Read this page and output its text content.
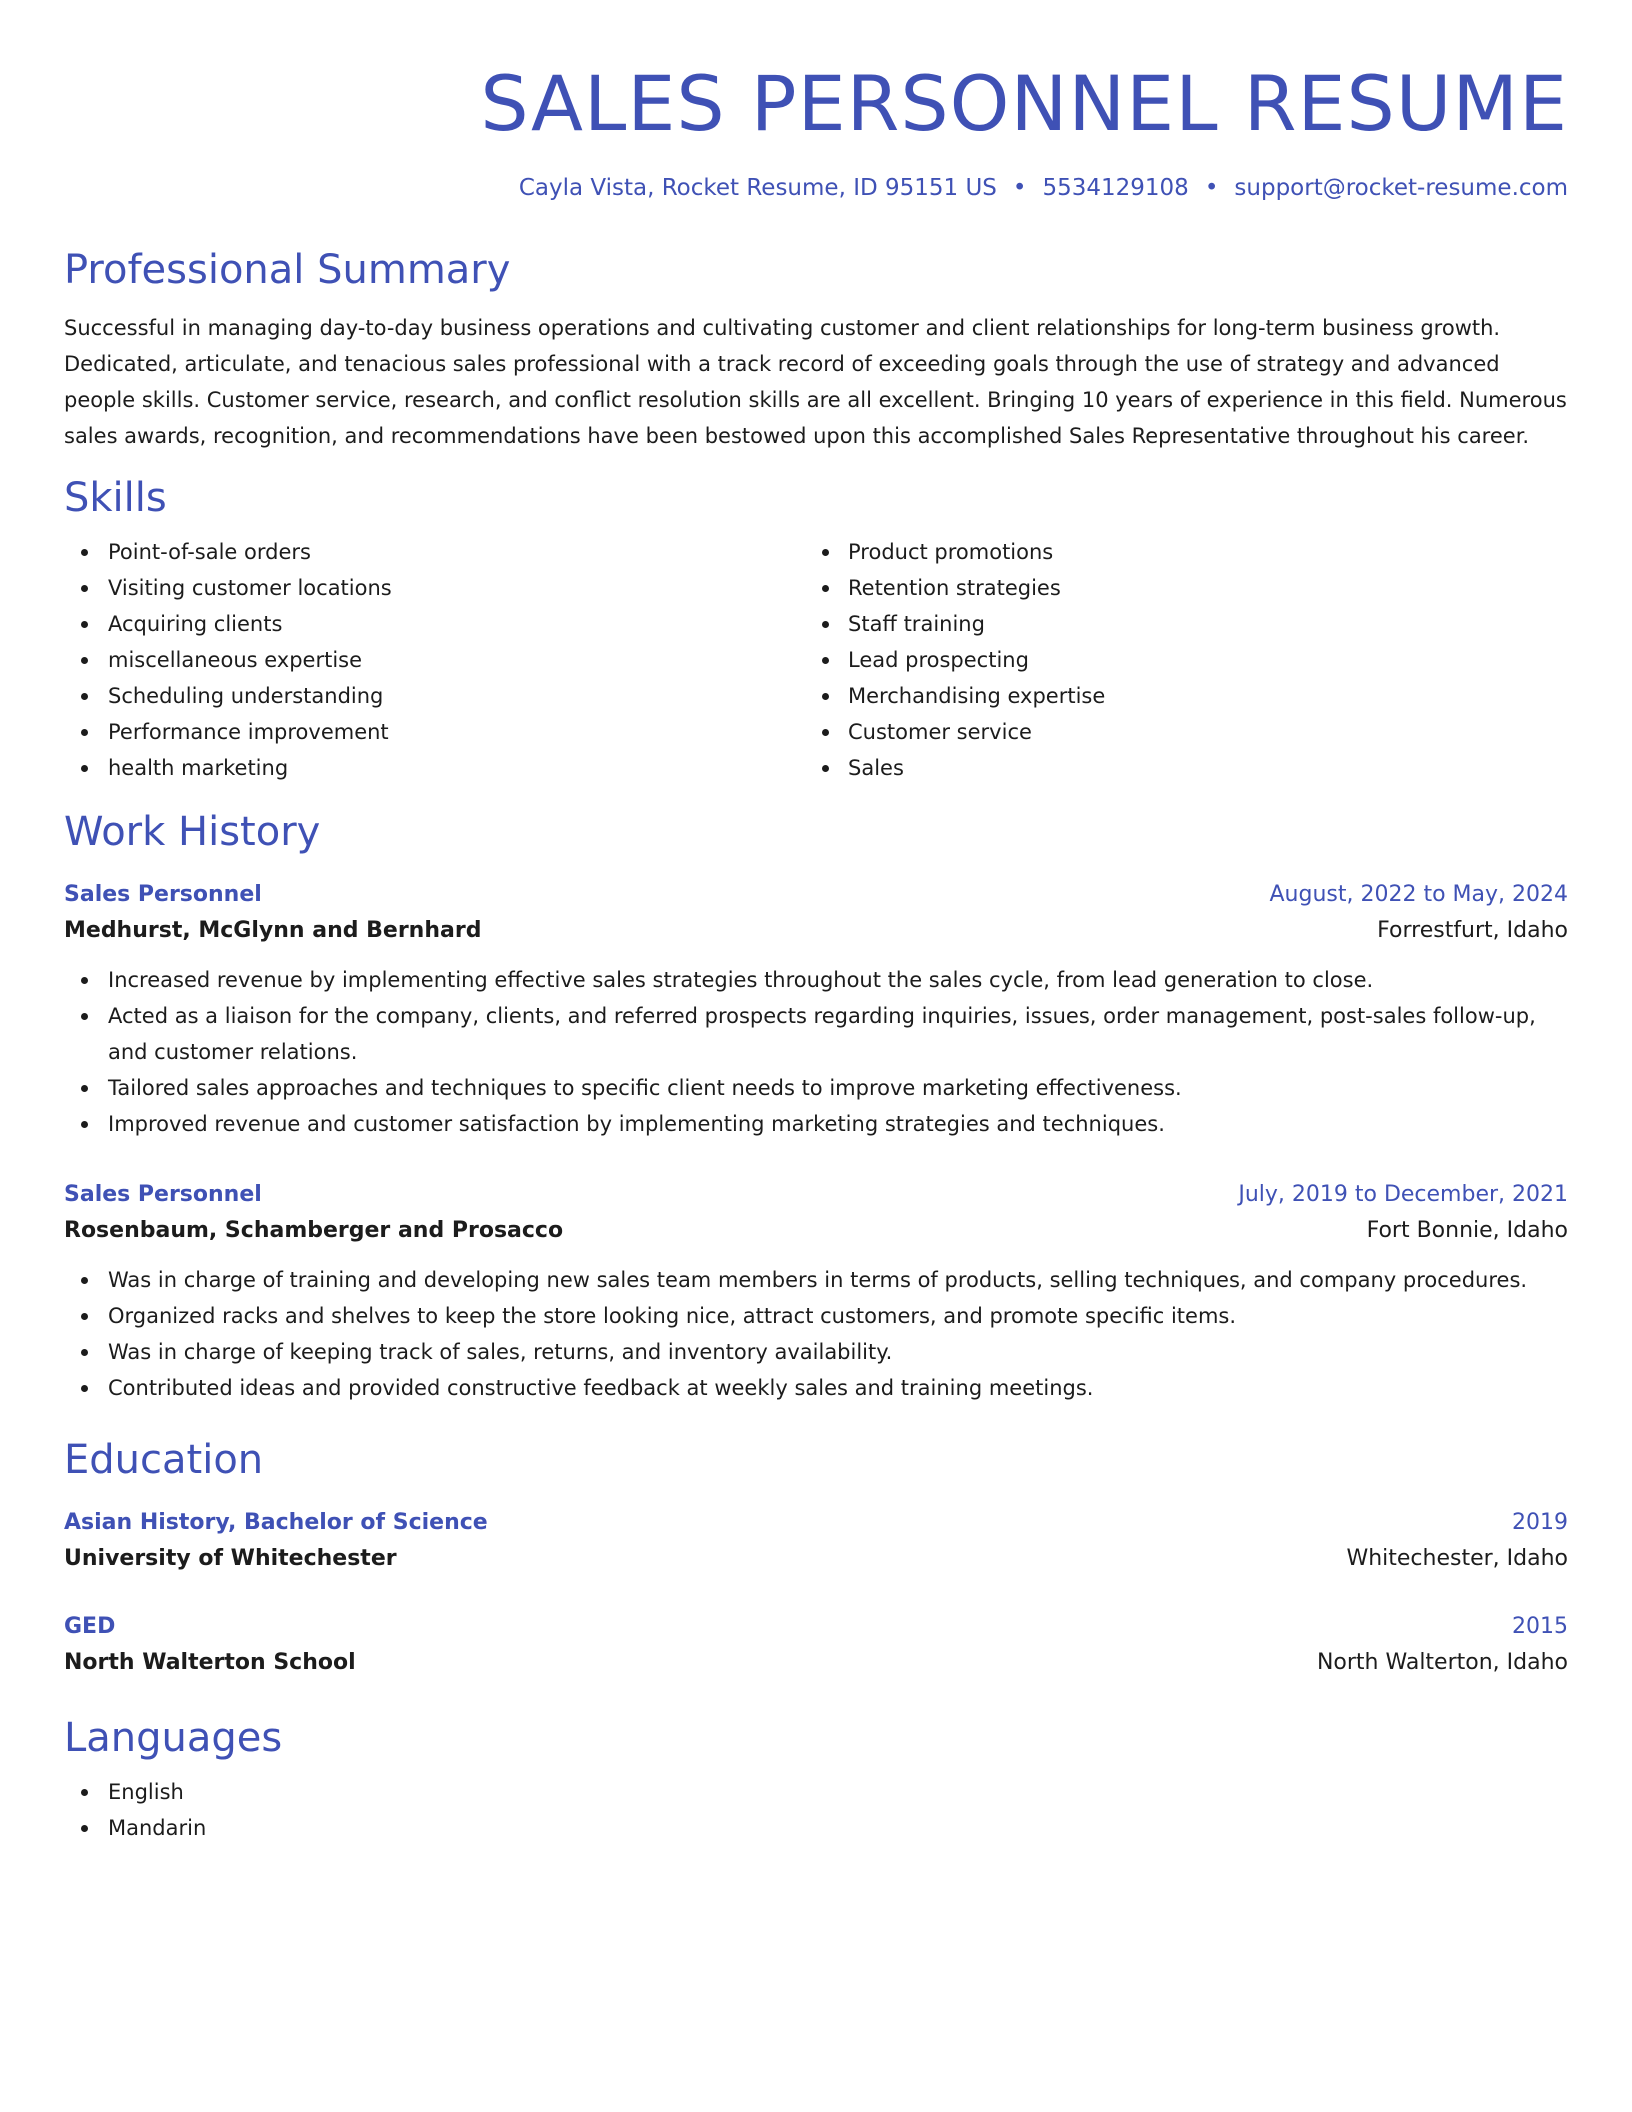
SALES PERSONNEL RESUME
Cayla Vista, Rocket Resume, ID 95151 US • 5534129108 • support@rocket-resume.com
Professional Summary

Successful in managing day-to-day business operations and cultivating customer and client relationships for long-term business growth. Dedicated, articulate, and tenacious sales professional with a track record of exceeding goals through the use of strategy and advanced people skills. Customer service, research, and conflict resolution skills are all excellent. Bringing 10 years of experience in this field. Numerous sales awards, recognition, and recommendations have been bestowed upon this accomplished Sales Representative throughout his career.

Skills
Point-of-sale orders
Visiting customer locations
Acquiring clients
miscellaneous expertise
Scheduling understanding
Performance improvement
health marketing
Product promotions
Retention strategies
Staff training
Lead prospecting
Merchandising expertise
Customer service
Sales
Work History
Sales Personnel	August, 2022 to May, 2024
Medhurst, McGlynn and Bernhard	Forrestfurt, Idaho
Increased revenue by implementing effective sales strategies throughout the sales cycle, from lead generation to close.
Acted as a liaison for the company, clients, and referred prospects regarding inquiries, issues, order management, post-sales follow-up, and customer relations.
Tailored sales approaches and techniques to specific client needs to improve marketing effectiveness.
Improved revenue and customer satisfaction by implementing marketing strategies and techniques.
Sales Personnel	July, 2019 to December, 2021
Rosenbaum, Schamberger and Prosacco	Fort Bonnie, Idaho
Was in charge of training and developing new sales team members in terms of products, selling techniques, and company procedures.
Organized racks and shelves to keep the store looking nice, attract customers, and promote specific items.
Was in charge of keeping track of sales, returns, and inventory availability.
Contributed ideas and provided constructive feedback at weekly sales and training meetings.
Education
Asian History, Bachelor of Science	2019
University of Whitechester	Whitechester, Idaho
GED	2015
North Walterton School	North Walterton, Idaho
Languages
English
Mandarin
